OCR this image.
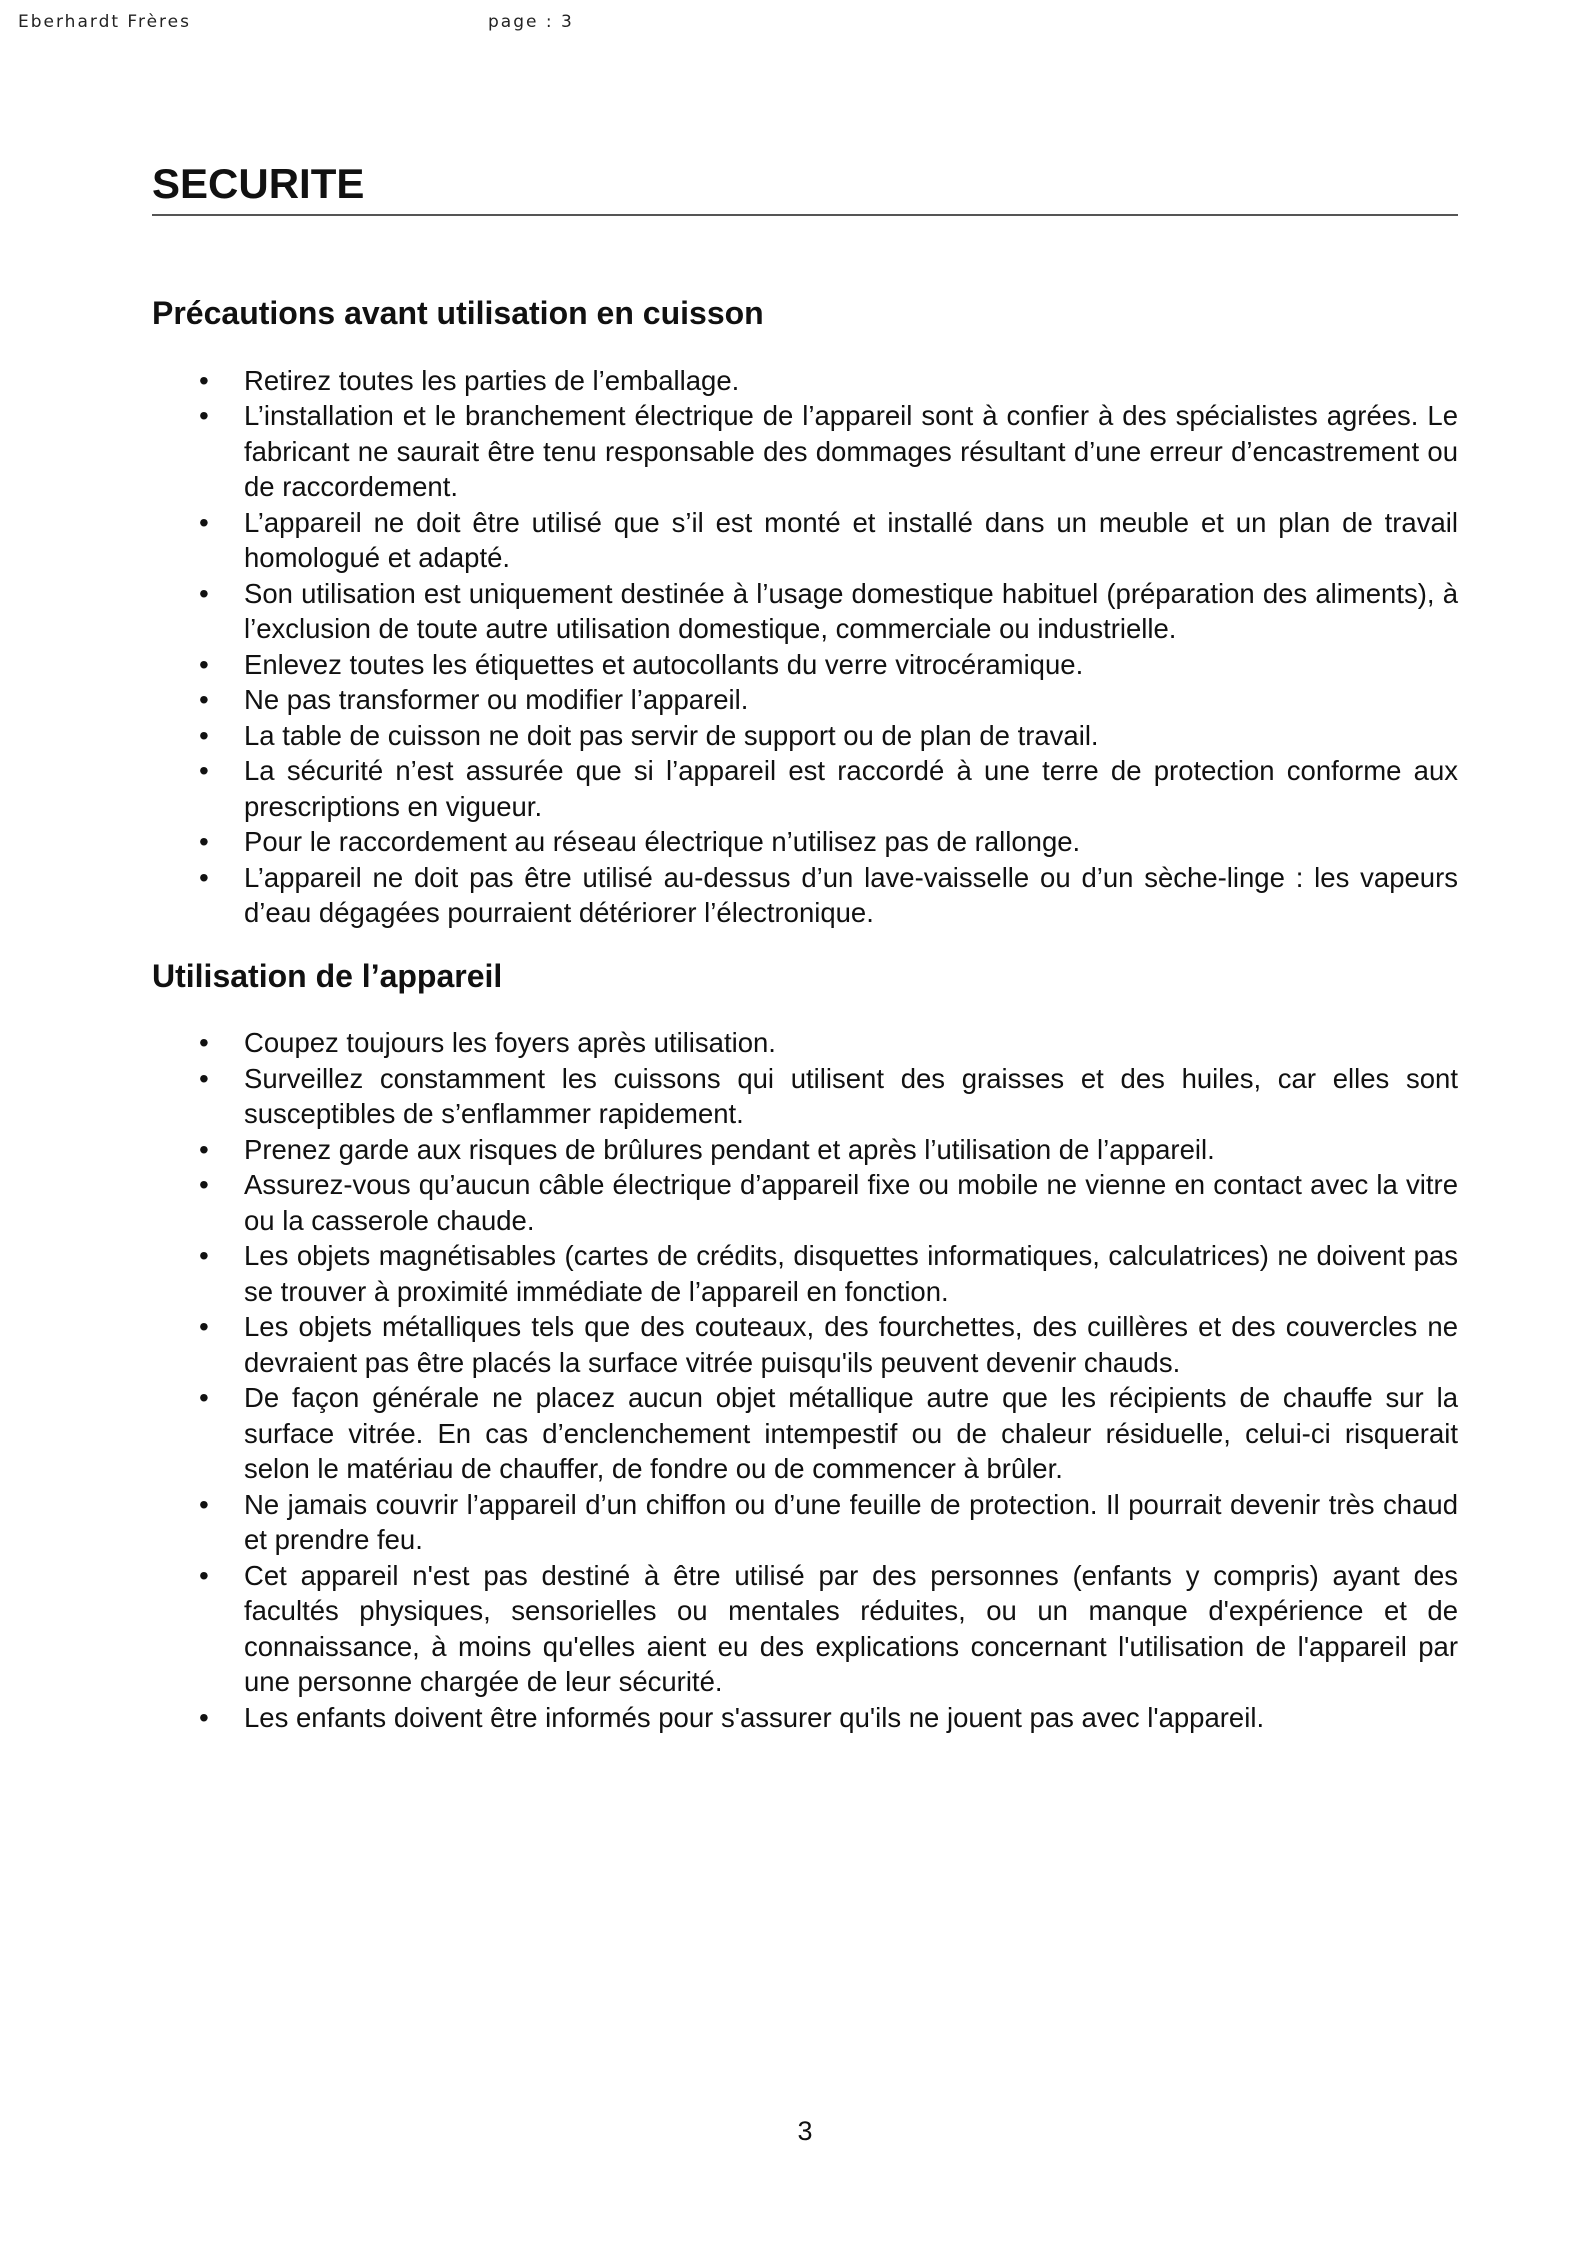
Eberhardt Frères	page : 3
SECURITE
Précautions avant utilisation en cuisson
• Retirez toutes les parties de l’emballage.
• L’installation et le branchement électrique de l’appareil sont à confier à des spécialistes agrées. Le fabricant ne saurait être tenu responsable des dommages résultant d’une erreur d’encastrement ou de raccordement.
• L’appareil ne doit être utilisé que s’il est monté et installé dans un meuble et un plan de travail homologué et adapté.
• Son utilisation est uniquement destinée à l’usage domestique habituel (préparation des aliments), à l’exclusion de toute autre utilisation domestique, commerciale ou industrielle.
• Enlevez toutes les étiquettes et autocollants du verre vitrocéramique.
• Ne pas transformer ou modifier l’appareil.
• La table de cuisson ne doit pas servir de support ou de plan de travail.
• La sécurité n’est assurée que si l’appareil est raccordé à une terre de protection conforme aux prescriptions en vigueur.
• Pour le raccordement au réseau électrique n’utilisez pas de rallonge.
• L’appareil ne doit pas être utilisé au-dessus d’un lave-vaisselle ou d’un sèche-linge : les vapeurs d’eau dégagées pourraient détériorer l’électronique.
Utilisation de l’appareil
• Coupez toujours les foyers après utilisation.
• Surveillez constamment les cuissons qui utilisent des graisses et des huiles, car elles sont susceptibles de s’enflammer rapidement.
• Prenez garde aux risques de brûlures pendant et après l’utilisation de l’appareil.
• Assurez-vous qu’aucun câble électrique d’appareil fixe ou mobile ne vienne en contact avec la vitre ou la casserole chaude.
• Les objets magnétisables (cartes de crédits, disquettes informatiques, calculatrices) ne doivent pas se trouver à proximité immédiate de l’appareil en fonction.
• Les objets métalliques tels que des couteaux, des fourchettes, des cuillères et des couvercles ne devraient pas être placés la surface vitrée puisqu'ils peuvent devenir chauds.
• De façon générale ne placez aucun objet métallique autre que les récipients de chauffe sur la surface vitrée. En cas d’enclenchement intempestif ou de chaleur résiduelle, celui-ci risquerait selon le matériau de chauffer, de fondre ou de commencer à brûler.
• Ne jamais couvrir l’appareil d’un chiffon ou d’une feuille de protection. Il pourrait devenir très chaud et prendre feu.
• Cet appareil n'est pas destiné à être utilisé par des personnes (enfants y compris) ayant des facultés physiques, sensorielles ou mentales réduites, ou un manque d'expérience et de connaissance, à moins qu'elles aient eu des explications concernant l'utilisation de l'appareil par une personne chargée de leur sécurité.
• Les enfants doivent être informés pour s'assurer qu'ils ne jouent pas avec l'appareil.
3
